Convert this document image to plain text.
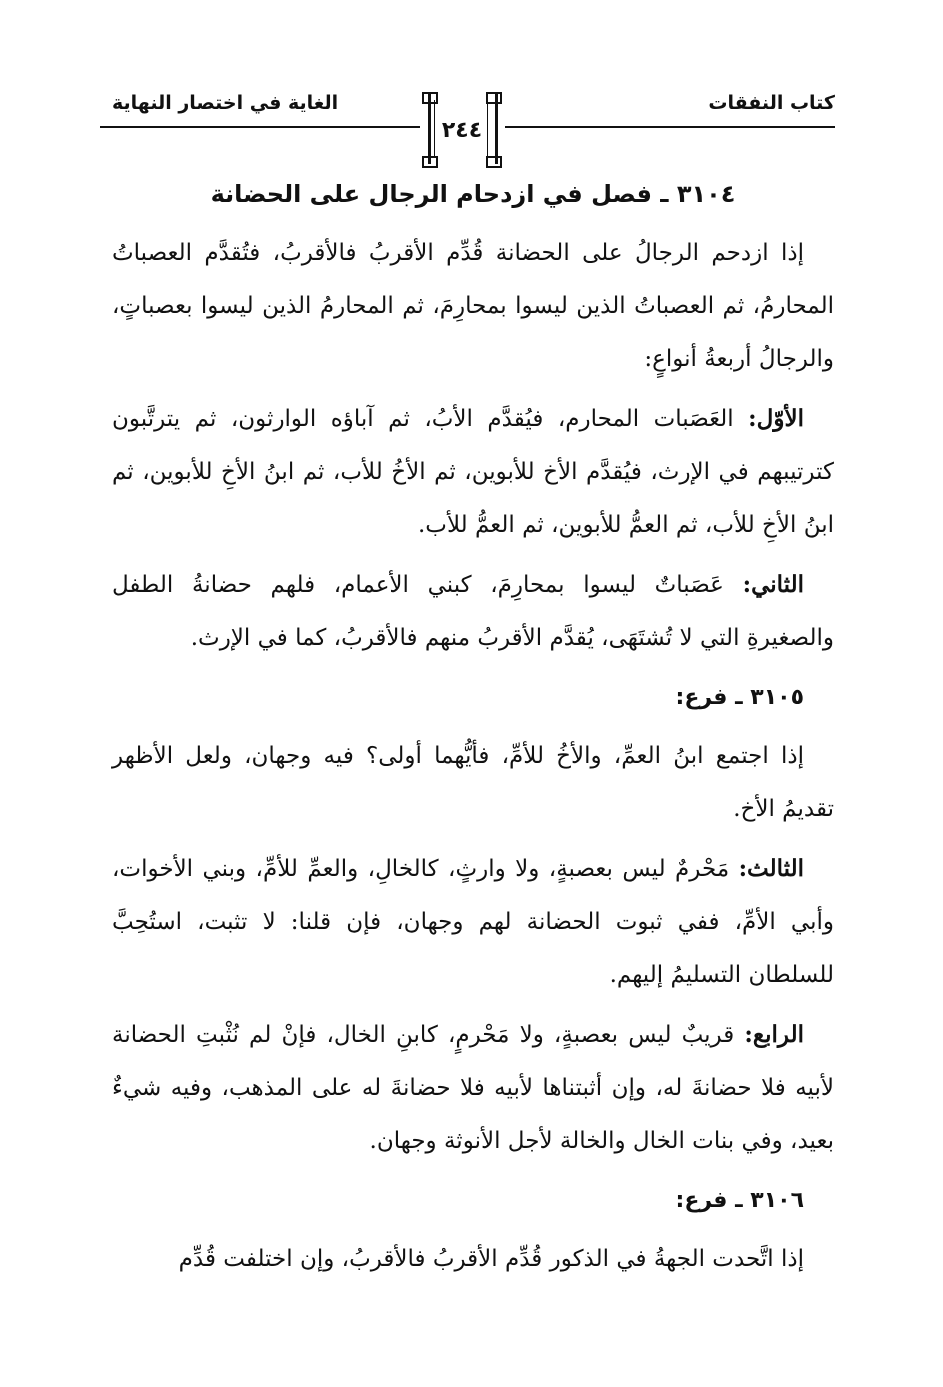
كتاب النفقات
الغاية في اختصار النهاية
٢٤٤

٣١٠٤ ـ فصل في ازدحام الرجال على الحضانة

إذا ازدحم الرجالُ على الحضانة قُدِّم الأقربُ فالأقربُ، فتُقدَّم العصباتُ المحارمُ، ثم العصباتُ الذين ليسوا بمحارِمَ، ثم المحارمُ الذين ليسوا بعصباتٍ، والرجالُ أربعةُ أنواعٍ:

الأوّل: العَصَبات المحارم، فيُقدَّم الأبُ، ثم آباؤه الوارثون، ثم يترتَّبون كترتيبهم في الإرث، فيُقدَّم الأخ للأبوين، ثم الأخُ للأب، ثم ابنُ الأخِ للأبوين، ثم ابنُ الأخِ للأب، ثم العمُّ للأبوين، ثم العمُّ للأب.

الثاني: عَصَباتٌ ليسوا بمحارِمَ، كبني الأعمام، فلهم حضانةُ الطفل والصغيرةِ التي لا تُشتَهَى، يُقدَّم الأقربُ منهم فالأقربُ، كما في الإرث.

٣١٠٥ ـ فرع:

إذا اجتمع ابنُ العمِّ، والأخُ للأمِّ، فأيُّهما أولى؟ فيه وجهان، ولعل الأظهر تقديمُ الأخ.

الثالث: مَحْرمٌ ليس بعصبةٍ، ولا وارثٍ، كالخالِ، والعمِّ للأمِّ، وبني الأخوات، وأبي الأمِّ، ففي ثبوت الحضانة لهم وجهان، فإن قلنا: لا تثبت، استُحِبَّ للسلطان التسليمُ إليهم.

الرابع: قريبٌ ليس بعصبةٍ، ولا مَحْرمٍ، كابنِ الخال، فإنْ لم نُثْبتِ الحضانة لأبيه فلا حضانةَ له، وإن أثبتناها لأبيه فلا حضانةَ له على المذهب، وفيه شيءٌ بعيد، وفي بنات الخال والخالة لأجل الأنوثة وجهان.

٣١٠٦ ـ فرع:

إذا اتَّحدت الجهةُ في الذكور قُدِّم الأقربُ فالأقربُ، وإن اختلفت قُدِّم
